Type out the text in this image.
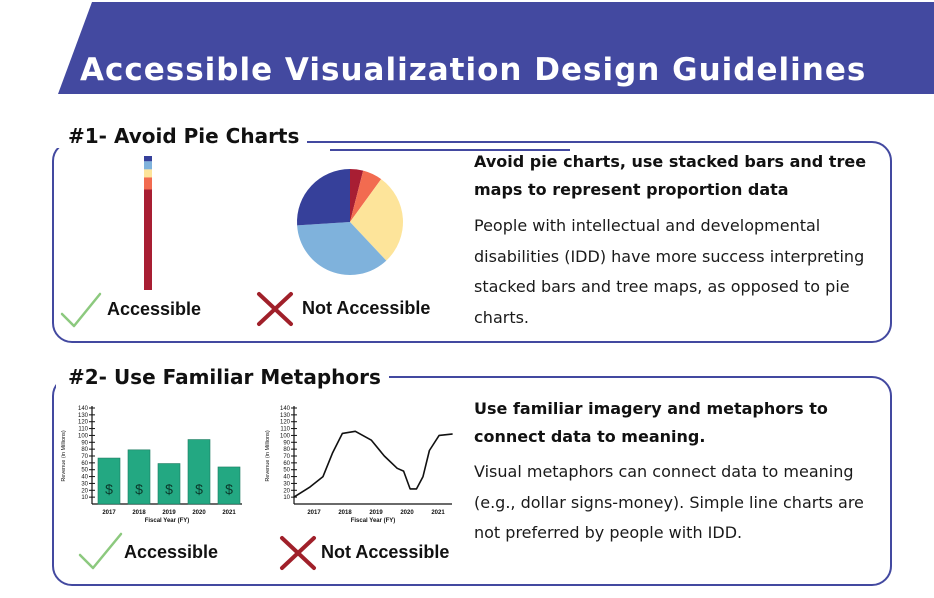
Accessible Visualization Design Guidelines
#1- Avoid Pie Charts
Accessible	Not Accessible

Avoid pie charts, use stacked bars and tree maps to represent proportion data

People with intellectual and developmental disabilities (IDD) have more success interpreting stacked bars and tree maps, as opposed to pie charts.

#2- Use Familiar Metaphors
10
20
30
40
50
60
70
80
90
100
110
120
130
140
Revenue (in Millions)
Fiscal Year (FY)
$
2017
$
2018
$
2019
$
2020
$
2021
10
20
30
40
50
60
70
80
90
100
110
120
130
140
Revenue (in Millions)
Fiscal Year (FY)
2017	2018	2019	2020	2021
Accessible	Not Accessible

Use familiar imagery and metaphors to connect data to meaning.

Visual metaphors can connect data to meaning (e.g., dollar signs-money). Simple line charts are not preferred by people with IDD.
